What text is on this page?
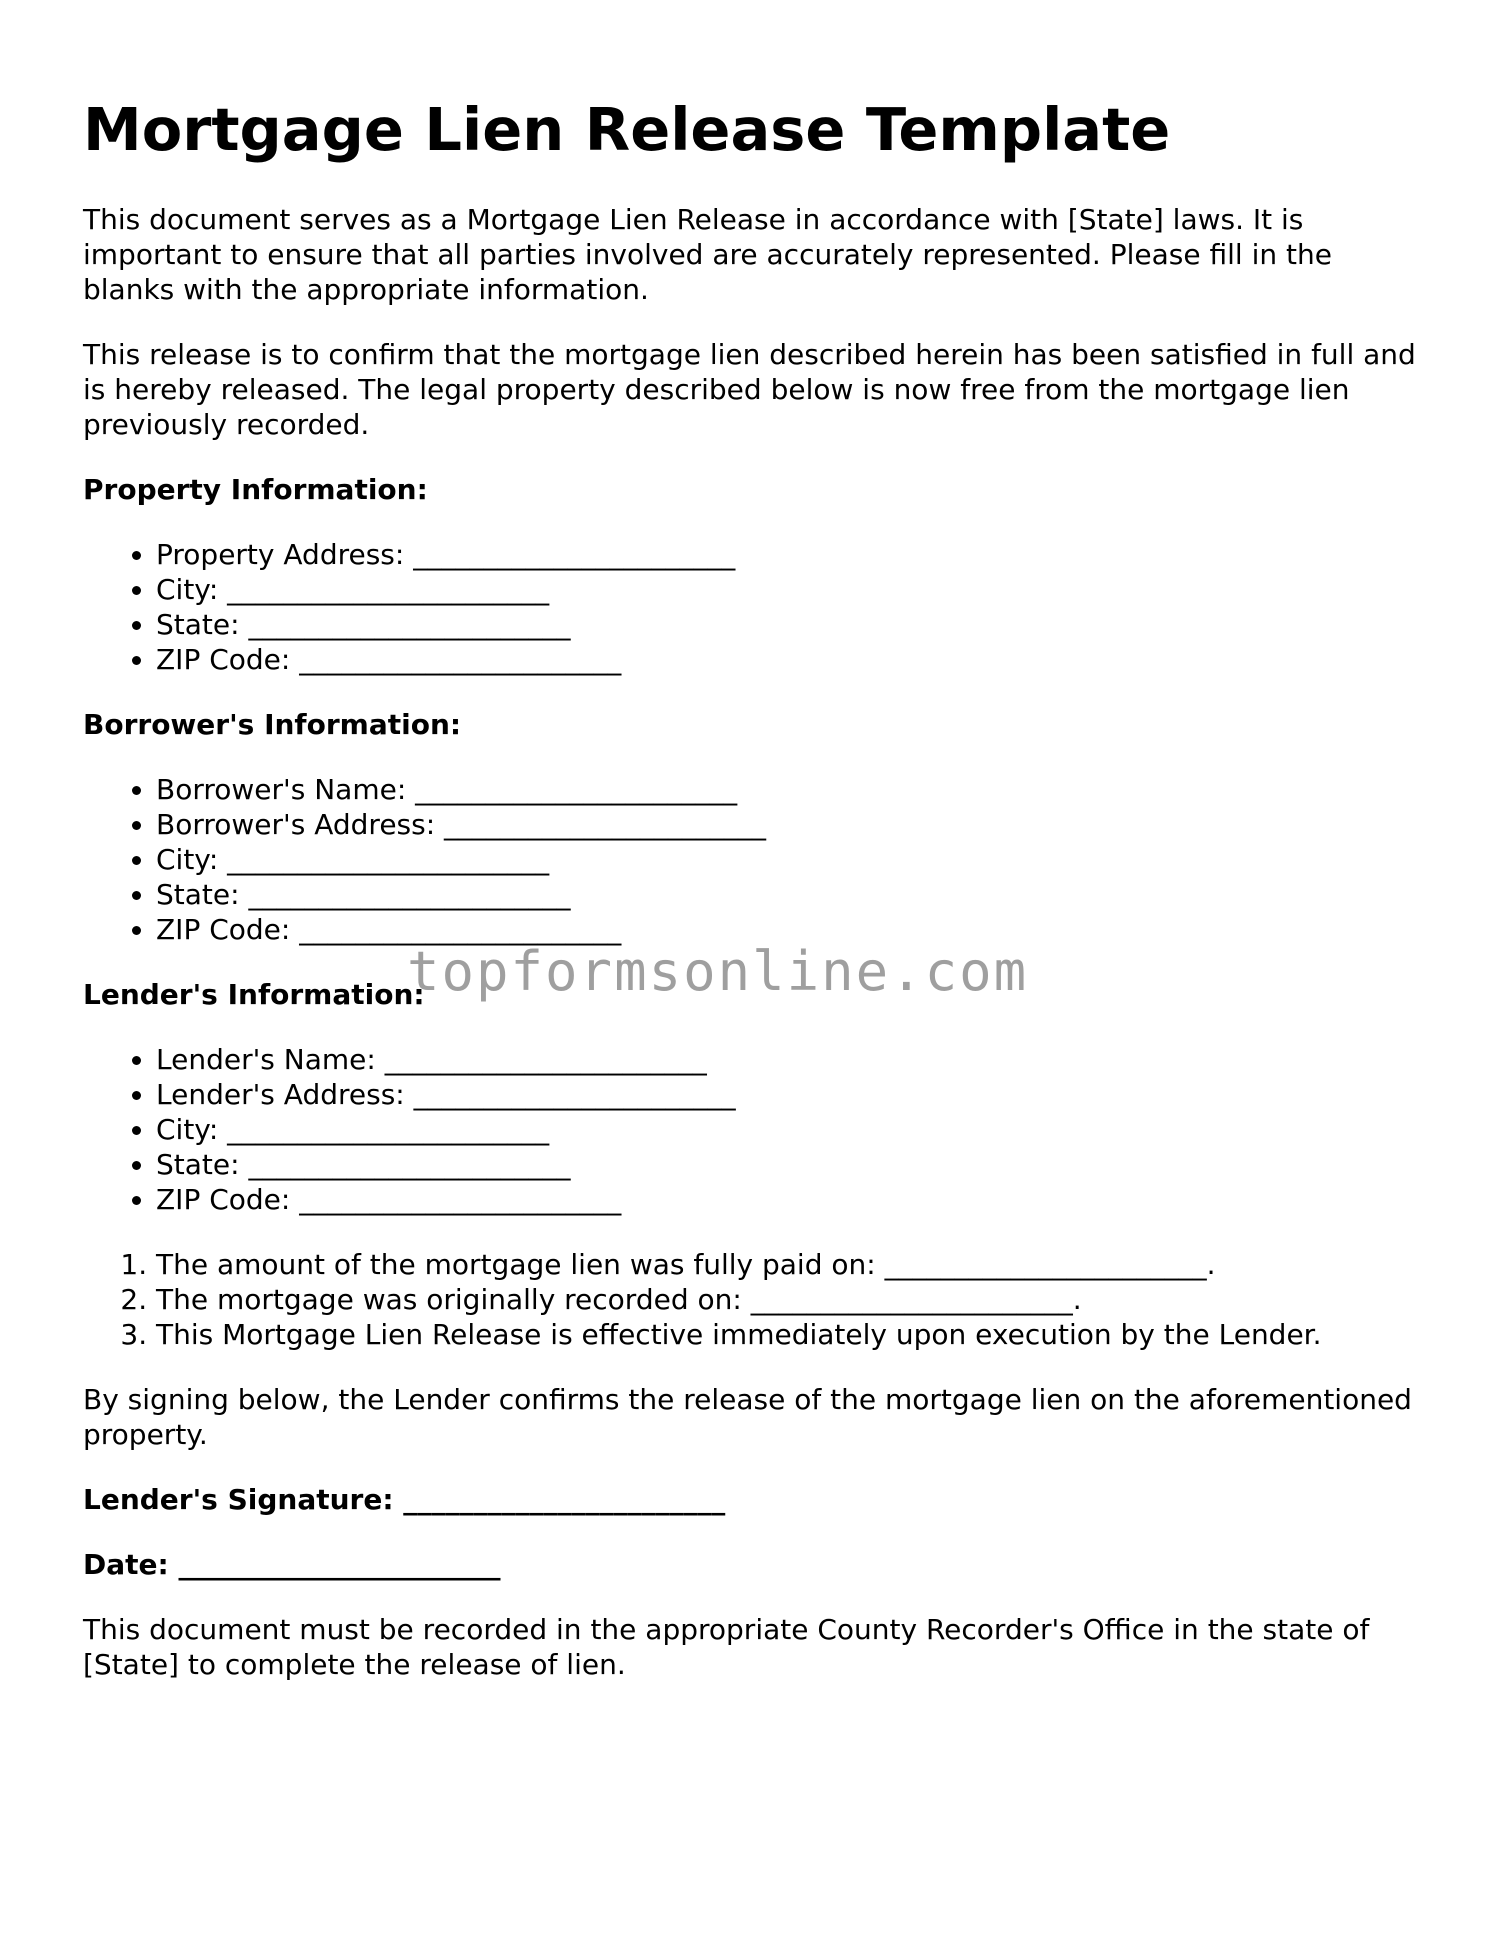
Mortgage Lien Release Template

This document serves as a Mortgage Lien Release in accordance with [State] laws. It is important to ensure that all parties involved are accurately represented. Please fill in the blanks with the appropriate information.

This release is to confirm that the mortgage lien described herein has been satisfied in full and is hereby released. The legal property described below is now free from the mortgage lien previously recorded.

Property Information:
• Property Address: _______________________
• City: _______________________
• State: _______________________
• ZIP Code: _______________________
Borrower's Information:
• Borrower's Name: _______________________
• Borrower's Address: _______________________
• City: _______________________
• State: _______________________
• ZIP Code: _______________________
Lender's Information:
• Lender's Name: _______________________
• Lender's Address: _______________________
• City: _______________________
• State: _______________________
• ZIP Code: _______________________
1. The amount of the mortgage lien was fully paid on: _______________________.
2. The mortgage was originally recorded on: _______________________.
3. This Mortgage Lien Release is effective immediately upon execution by the Lender.

By signing below, the Lender confirms the release of the mortgage lien on the aforementioned property.

Lender's Signature: _______________________
Date: _______________________

This document must be recorded in the appropriate County Recorder's Office in the state of [State] to complete the release of lien.

topformsonline.com
